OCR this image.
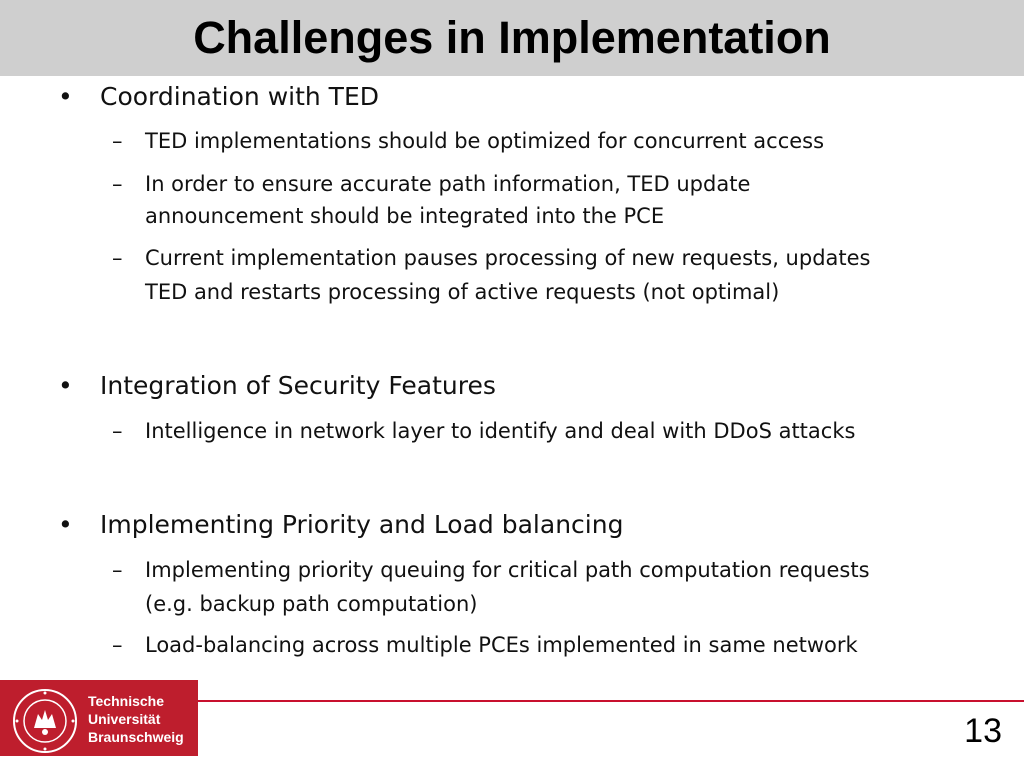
Challenges in Implementation
• Coordination with TED
– TED implementations should be optimized for concurrent access
– In order to ensure accurate path information, TED update
announcement should be integrated into the PCE
– Current implementation pauses processing of new requests, updates
TED and restarts processing of active requests (not optimal)
• Integration of Security Features
– Intelligence in network layer to identify and deal with DDoS attacks
• Implementing Priority and Load balancing
– Implementing priority queuing for critical path computation requests
(e.g. backup path computation)
– Load-balancing across multiple PCEs implemented in same network
Technische
Universität
Braunschweig	13
